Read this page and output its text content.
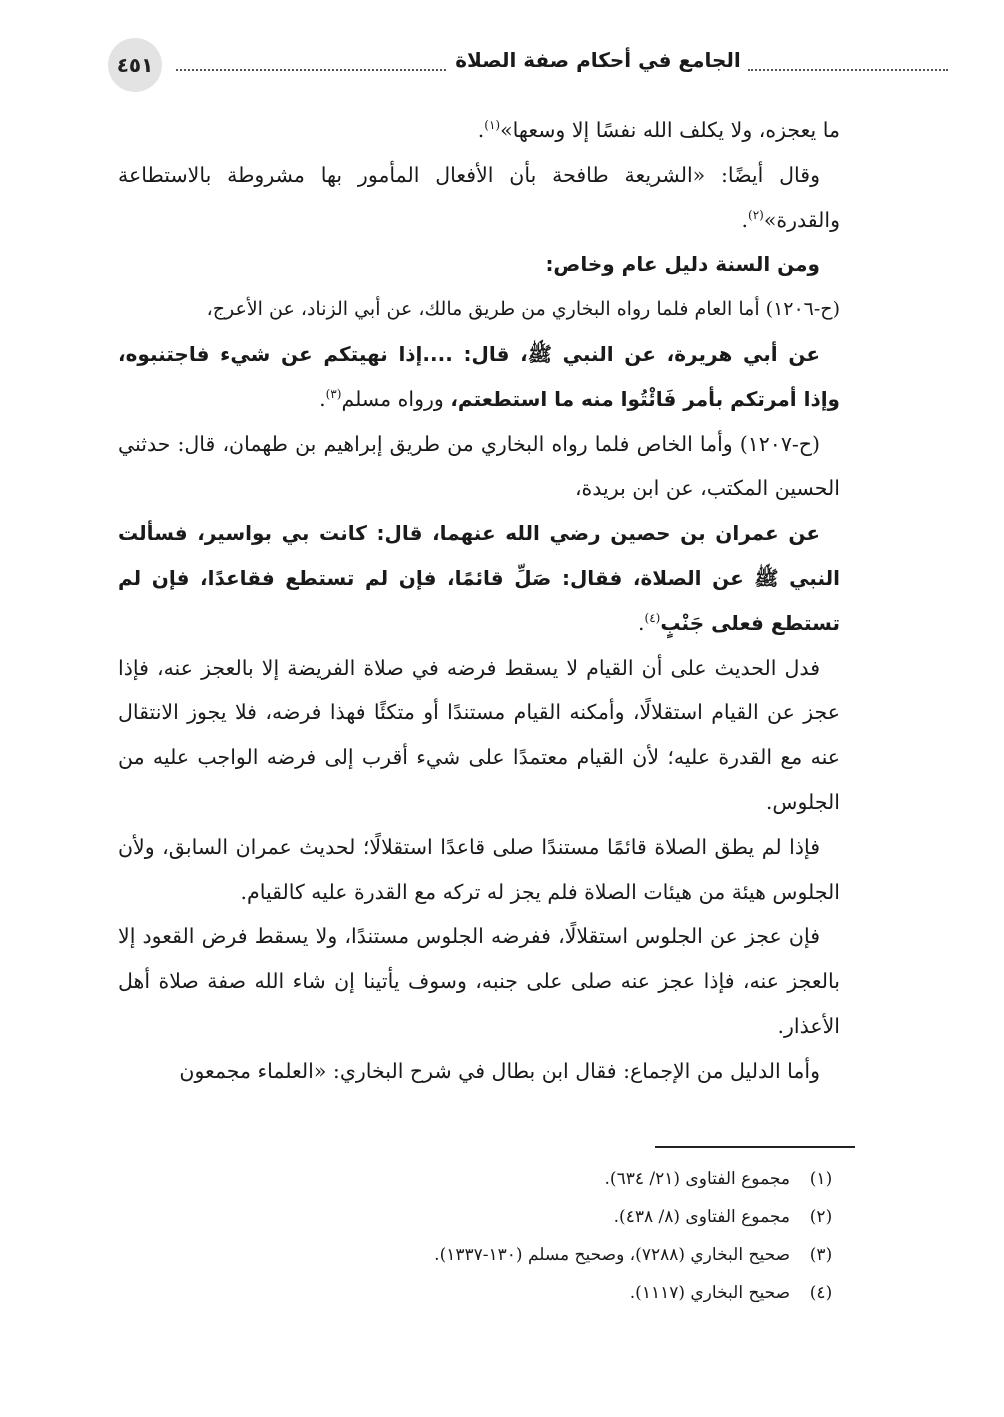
٤٥١	الجامع في أحكام صفة الصلاة

ما يعجزه، ولا يكلف الله نفسًا إلا وسعها»$^{(١)}$.

وقال أيضًا: «الشريعة طافحة بأن الأفعال المأمور بها مشروطة بالاستطاعة والقدرة»$^{(٢)}$.

ومن السنة دليل عام وخاص:

(ح-١٢٠٦) أما العام فلما رواه البخاري من طريق مالك، عن أبي الزناد، عن الأعرج،

عن أبي هريرة، عن النبي ﷺ، قال: ....إذا نهيتكم عن شيء فاجتنبوه، وإذا أمرتكم بأمر فَائْتُوا منه ما استطعتم، ورواه مسلم$^{(٣)}$.

(ح-١٢٠٧) وأما الخاص فلما رواه البخاري من طريق إبراهيم بن طهمان، قال: حدثني الحسين المكتب، عن ابن بريدة،

عن عمران بن حصين رضي الله عنهما، قال: كانت بي بواسير، فسألت النبي ﷺ عن الصلاة، فقال: صَلِّ قائمًا، فإن لم تستطع فقاعدًا، فإن لم تستطع فعلى جَنْبٍ$^{(٤)}$.

فدل الحديث على أن القيام لا يسقط فرضه في صلاة الفريضة إلا بالعجز عنه، فإذا عجز عن القيام استقلالًا، وأمكنه القيام مستندًا أو متكئًا فهذا فرضه، فلا يجوز الانتقال عنه مع القدرة عليه؛ لأن القيام معتمدًا على شيء أقرب إلى فرضه الواجب عليه من الجلوس.

فإذا لم يطق الصلاة قائمًا مستندًا صلى قاعدًا استقلالًا؛ لحديث عمران السابق، ولأن الجلوس هيئة من هيئات الصلاة فلم يجز له تركه مع القدرة عليه كالقيام.

فإن عجز عن الجلوس استقلالًا، ففرضه الجلوس مستندًا، ولا يسقط فرض القعود إلا بالعجز عنه، فإذا عجز عنه صلى على جنبه، وسوف يأتينا إن شاء الله صفة صلاة أهل الأعذار.

وأما الدليل من الإجماع: فقال ابن بطال في شرح البخاري: «العلماء مجمعون

(١)
مجموع الفتاوى (٢١/ ٦٣٤).
(٢)
مجموع الفتاوى (٨/ ٤٣٨).
(٣)
صحيح البخاري (٧٢٨٨)، وصحيح مسلم (١٣٠-١٣٣٧).
(٤)
صحيح البخاري (١١١٧).
